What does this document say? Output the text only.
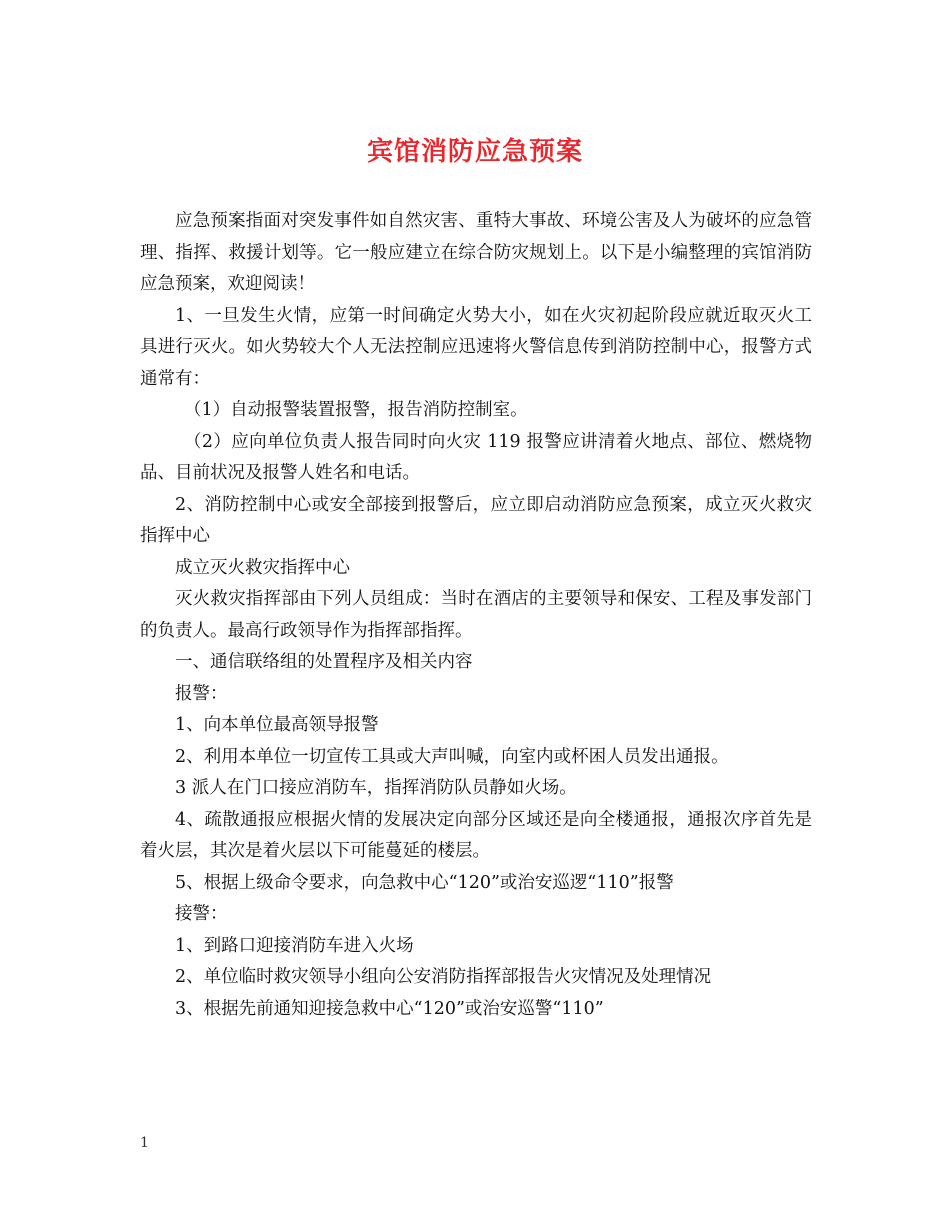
宾馆消防应急预案

应急预案指面对突发事件如自然灾害、重特大事故、环境公害及人为破坏的应急管理、指挥、救援计划等。它一般应建立在综合防灾规划上。以下是小编整理的宾馆消防应急预案，欢迎阅读！

1、一旦发生火情，应第一时间确定火势大小，如在火灾初起阶段应就近取灭火工具进行灭火。如火势较大个人无法控制应迅速将火警信息传到消防控制中心，报警方式通常有：

（1）自动报警装置报警，报告消防控制室。

（2）应向单位负责人报告同时向火灾 119 报警应讲清着火地点、部位、燃烧物品、目前状况及报警人姓名和电话。

2、消防控制中心或安全部接到报警后，应立即启动消防应急预案，成立灭火救灾指挥中心

成立灭火救灾指挥中心

灭火救灾指挥部由下列人员组成：当时在酒店的主要领导和保安、工程及事发部门的负责人。最高行政领导作为指挥部指挥。

一、通信联络组的处置程序及相关内容

报警：

1、向本单位最高领导报警

2、利用本单位一切宣传工具或大声叫喊，向室内或杯困人员发出通报。

3 派人在门口接应消防车，指挥消防队员静如火场。

4、疏散通报应根据火情的发展决定向部分区域还是向全楼通报，通报次序首先是着火层，其次是着火层以下可能蔓延的楼层。

5、根据上级命令要求，向急救中心“120”或治安巡逻“110”报警

接警：

1、到路口迎接消防车进入火场

2、单位临时救灾领导小组向公安消防指挥部报告火灾情况及处理情况

3、根据先前通知迎接急救中心“120”或治安巡警“110”

1
